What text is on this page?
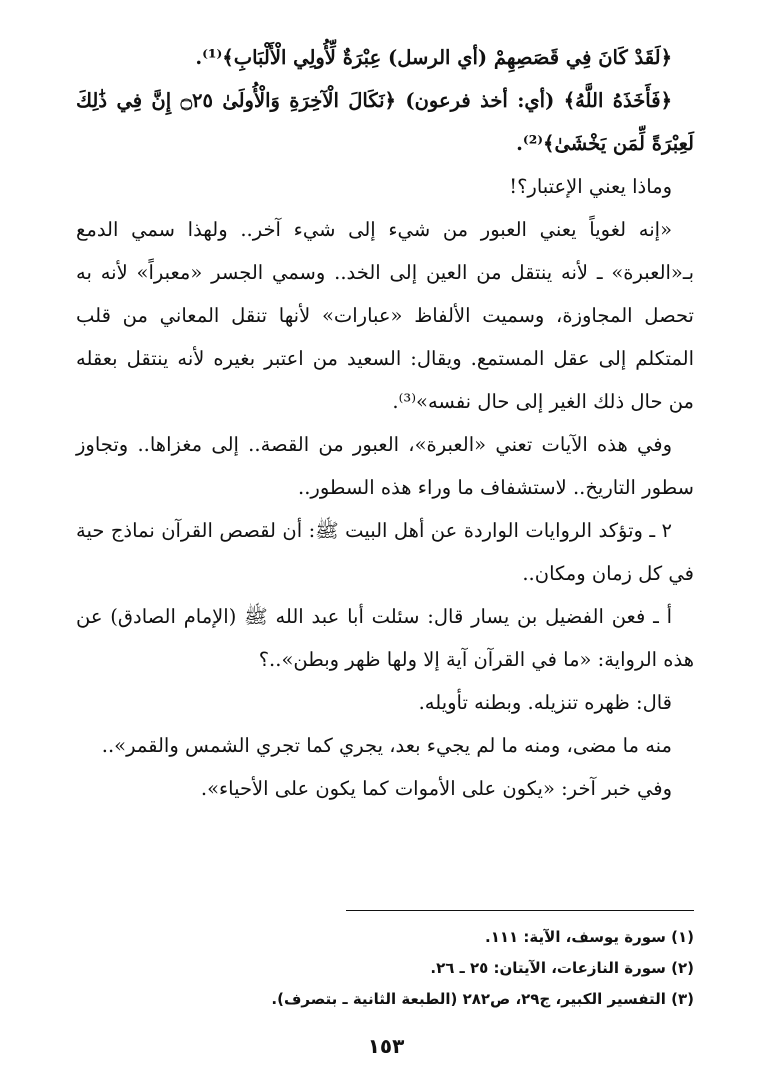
﴿لَقَدْ كَانَ فِي قَصَصِهِمْ (أي الرسل) عِبْرَةٌ لِّأُولِي الْأَلْبَابِ﴾⁽¹⁾.

﴿فَأَخَذَهُ اللَّهُ﴾ (أي: أخذ فرعون) ﴿نَكَالَ الْآخِرَةِ وَالْأُولَىٰ ۝٢٥ إِنَّ فِي ذَٰلِكَ لَعِبْرَةً لِّمَن يَخْشَىٰ﴾⁽²⁾.

وماذا يعني الإعتبار؟!

«إنه لغوياً يعني العبور من شيء إلى شيء آخر.. ولهذا سمي الدمع بـ«العبرة» ـ لأنه ينتقل من العين إلى الخد.. وسمي الجسر «معبراً» لأنه به تحصل المجاوزة، وسميت الألفاظ «عبارات» لأنها تنقل المعاني من قلب المتكلم إلى عقل المستمع. ويقال: السعيد من اعتبر بغيره لأنه ينتقل بعقله من حال ذلك الغير إلى حال نفسه»⁽³⁾.

وفي هذه الآيات تعني «العبرة»، العبور من القصة.. إلى مغزاها.. وتجاوز سطور التاريخ.. لاستشفاف ما وراء هذه السطور..

٢ ـ وتؤكد الروايات الواردة عن أهل البيت ﷺ: أن لقصص القرآن نماذج حية في كل زمان ومكان..

أ ـ فعن الفضيل بن يسار قال: سئلت أبا عبد الله ﷺ (الإمام الصادق) عن هذه الرواية: «ما في القرآن آية إلا ولها ظهر وبطن»..؟

قال: ظهره تنزيله. وبطنه تأويله.

منه ما مضى، ومنه ما لم يجيء بعد، يجري كما تجري الشمس والقمر»..

وفي خبر آخر: «يكون على الأموات كما يكون على الأحياء».

(١) سورة يوسف، الآية: ١١١.

(٢) سورة النازعات، الآيتان: ٢٥ ـ ٢٦.

(٣) التفسير الكبير، ج٢٩، ص٢٨٢ (الطبعة الثانية ـ بتصرف).

١٥٣
